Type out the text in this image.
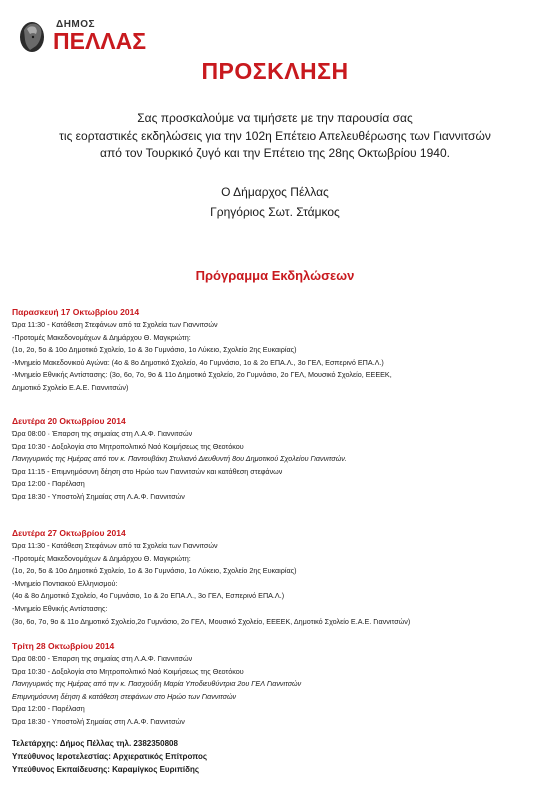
ΔΗΜΟΣ
ΠΕΛΛΑΣ
ΠΡΟΣΚΛΗΣΗ
Σας προσκαλούμε να τιμήσετε με την παρουσία σας
τις εορταστικές εκδηλώσεις για την 102η Επέτειο Απελευθέρωσης των Γιαννιτσών
από τον Τουρκικό ζυγό και την Επέτειο της 28ης Οκτωβρίου 1940.
Ο Δήμαρχος Πέλλας
Γρηγόριος Σωτ. Στάμκος
Πρόγραμμα Εκδηλώσεων
Παρασκευή 17 Οκτωβρίου 2014
Ώρα 11:30 - Κατάθεση Στεφάνων από τα Σχολεία των Γιαννιτσών
-Προτομές Μακεδονομάχων & Δημάρχου Θ. Μαγκριώτη:
(1ο, 2ο, 5ο & 10ο Δημοτικό Σχολείο, 1ο & 3ο Γυμνάσιο, 1ο Λύκειο, Σχολείο 2ης Ευκαιρίας)
-Μνημείο Μακεδονικού Αγώνα: (4ο & 8ο Δημοτικό Σχολείο, 4ο Γυμνάσιο, 1ο & 2ο ΕΠΑ.Λ., 3ο ΓΕΛ, Εσπερινό ΕΠΑ.Λ.)
-Μνημείο Εθνικής Αντίστασης: (3ο, 6ο, 7ο, 9ο & 11ο Δημοτικό Σχολείο, 2ο Γυμνάσιο, 2ο ΓΕΛ, Μουσικό Σχολείο, ΕΕΕΕΚ,
Δημοτικό Σχολείο Ε.Α.Ε. Γιαννιτσών)
Δευτέρα 20 Οκτωβρίου 2014
Ώρα 08:00 · Έπαρση της σημαίας στη Λ.Α.Φ. Γιαννιτσών
Ώρα 10:30 - Δοξολογία στο Μητροπολιτικό Ναό Κοιμήσεως της Θεοτόκου
Πανηγυρικός της Ημέρας από τον κ. Παντουβάκη Στυλιανό Διευθυντή 8ου Δημοτικού Σχολείου Γιαννιτσών.
Ώρα 11:15 - Επιμνημόσυνη δέηση στο Ηρώο των Γιαννιτσών και κατάθεση στεφάνων
Ώρα 12:00 - Παρέλαση
Ώρα 18:30 - Υποστολή Σημαίας στη Λ.Α.Φ. Γιαννιτσών
Δευτέρα 27 Οκτωβρίου 2014
Ώρα 11:30 - Κατάθεση Στεφάνων από τα Σχολεία των Γιαννιτσών
-Προτομές Μακεδονομάχων & Δημάρχου Θ. Μαγκριώτη:
(1ο, 2ο, 5ο & 10ο Δημοτικό Σχολείο, 1ο & 3ο Γυμνάσιο, 1ο Λύκειο, Σχολείο 2ης Ευκαιρίας)
-Μνημείο Ποντιακού Ελληνισμού:
(4ο & 8ο Δημοτικό Σχολείο, 4ο Γυμνάσιο, 1ο & 2ο ΕΠΑ.Λ., 3ο ΓΕΛ, Εσπερινό ΕΠΑ.Λ.)
-Μνημείο Εθνικής Αντίστασης:
(3ο, 6ο, 7ο, 9ο & 11ο Δημοτικό Σχολείο,2ο Γυμνάσιο, 2ο ΓΕΛ, Μουσικό Σχολείο, ΕΕΕΕΚ, Δημοτικό Σχολείο Ε.Α.Ε. Γιαννιτσών)
Τρίτη 28 Οκτωβρίου 2014
Ώρα 08:00 - Έπαρση της σημαίας στη Λ.Α.Φ. Γιαννιτσών
Ώρα 10:30 - Δοξολογία στο Μητροπολιτικό Ναό Κοιμήσεως της Θεοτόκου
Πανηγυρικός της Ημέρας από την κ. Πασχούδη Μαρία Υποδιευθύντρια 2ου ΓΕΛ Γιαννιτσών
Επιμνημόσυνη δέηση & κατάθεση στεφάνων στο Ηρώο των Γιαννιτσών
Ώρα 12:00 - Παρέλαση
Ώρα 18:30 - Υποστολή Σημαίας στη Λ.Α.Φ. Γιαννιτσών
Τελετάρχης: Δήμος Πέλλας τηλ. 2382350808
Υπεύθυνος Ιεροτελεστίας: Αρχιερατικός Επίτροπος
Υπεύθυνος Εκπαίδευσης: Καραμίγκος Ευριπίδης
